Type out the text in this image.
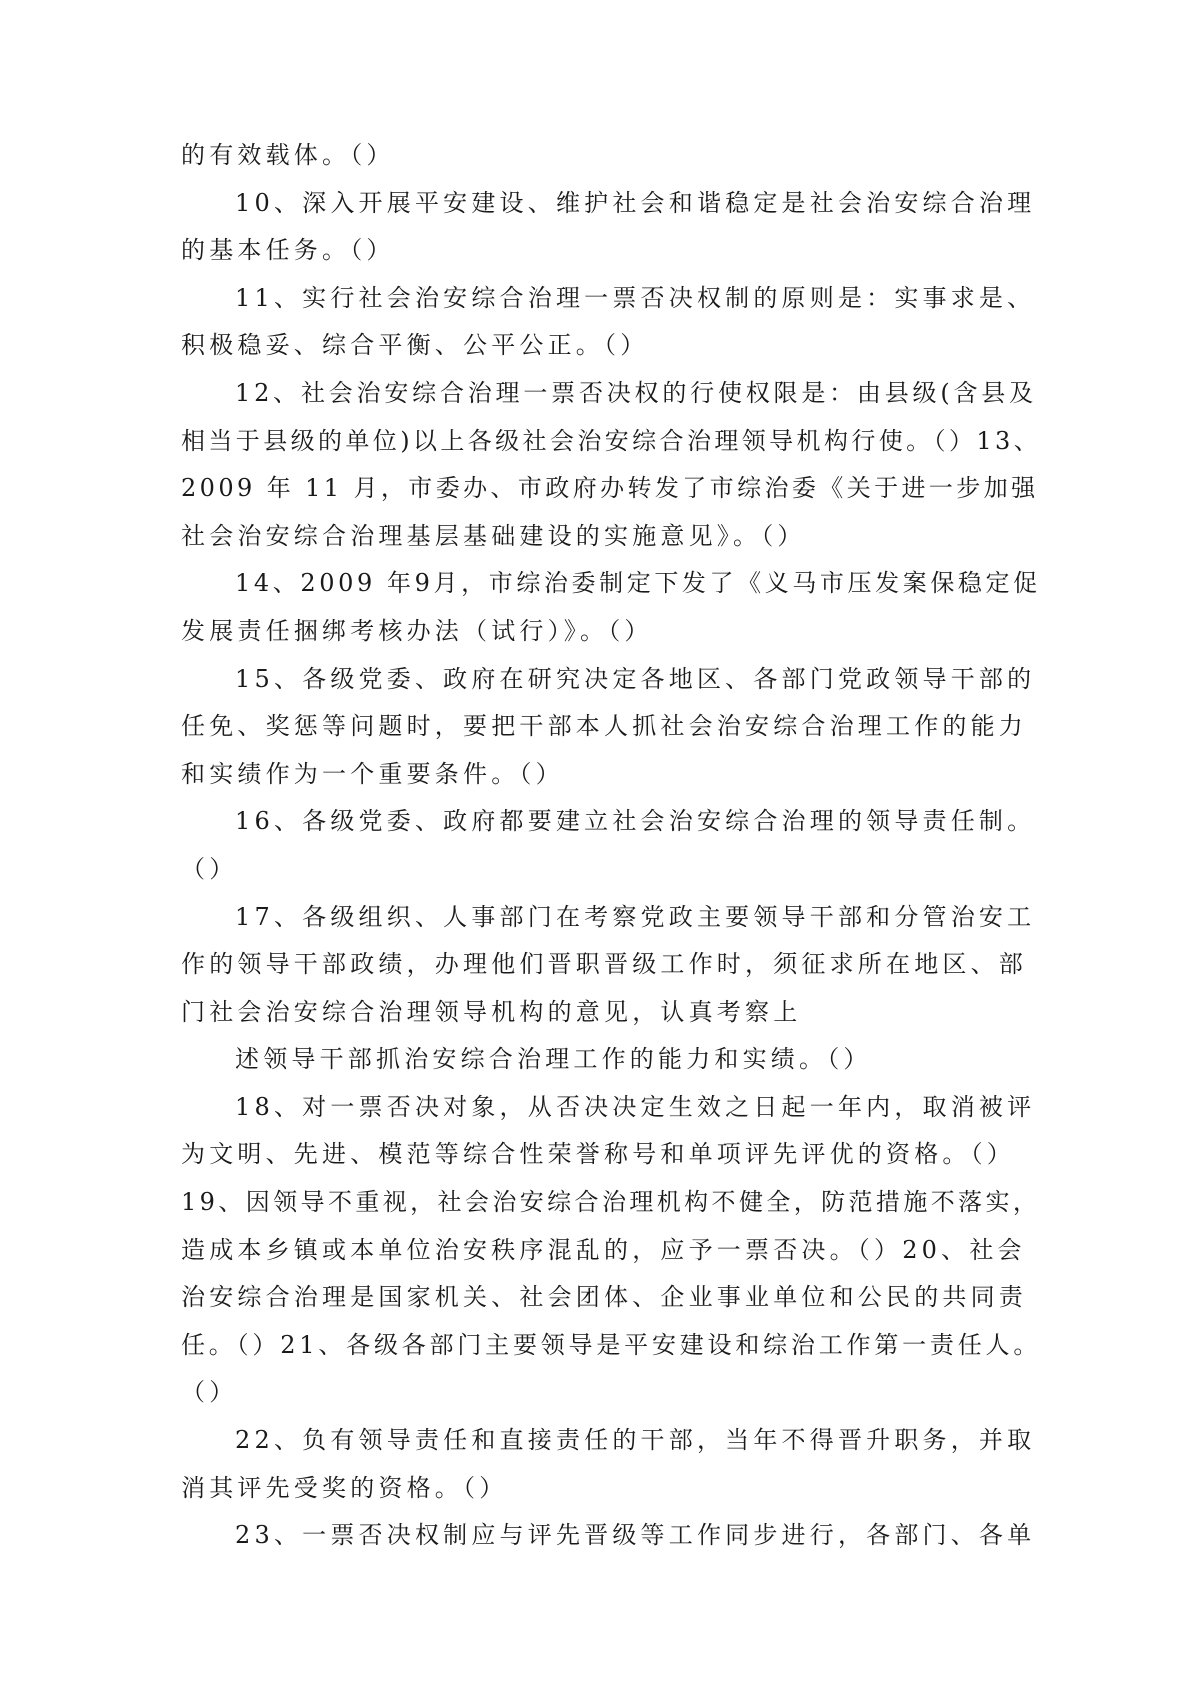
的有效载体。（）
10、深入开展平安建设、维护社会和谐稳定是社会治安综合治理
的基本任务。（）
11、实行社会治安综合治理一票否决权制的原则是：实事求是、
积极稳妥、综合平衡、公平公正。（）
12、社会治安综合治理一票否决权的行使权限是：由县级(含县及
相当于县级的单位)以上各级社会治安综合治理领导机构行使。（）13、
2009 年 11 月，市委办、市政府办转发了市综治委《关于进一步加强
社会治安综合治理基层基础建设的实施意见》。（）
14、2009 年9月，市综治委制定下发了《义马市压发案保稳定促
发展责任捆绑考核办法（试行）》。（）
15、各级党委、政府在研究决定各地区、各部门党政领导干部的
任免、奖惩等问题时，要把干部本人抓社会治安综合治理工作的能力
和实绩作为一个重要条件。（）
16、各级党委、政府都要建立社会治安综合治理的领导责任制。
（）
17、各级组织、人事部门在考察党政主要领导干部和分管治安工
作的领导干部政绩，办理他们晋职晋级工作时，须征求所在地区、部
门社会治安综合治理领导机构的意见，认真考察上
述领导干部抓治安综合治理工作的能力和实绩。（）
18、对一票否决对象，从否决决定生效之日起一年内，取消被评
为文明、先进、模范等综合性荣誉称号和单项评先评优的资格。（）
19、因领导不重视，社会治安综合治理机构不健全，防范措施不落实，
造成本乡镇或本单位治安秩序混乱的，应予一票否决。（）20、社会
治安综合治理是国家机关、社会团体、企业事业单位和公民的共同责
任。（）21、各级各部门主要领导是平安建设和综治工作第一责任人。
（）
22、负有领导责任和直接责任的干部，当年不得晋升职务，并取
消其评先受奖的资格。（）
23、一票否决权制应与评先晋级等工作同步进行，各部门、各单
